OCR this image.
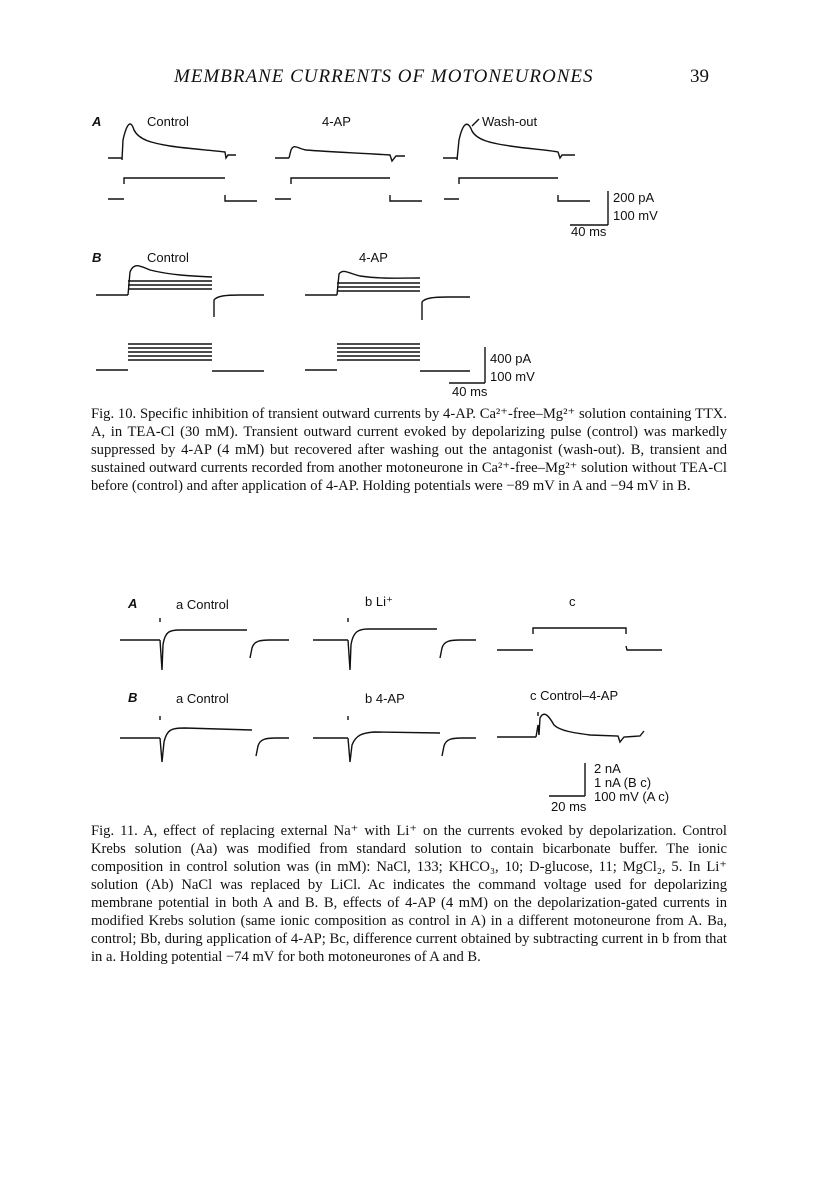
MEMBRANE CURRENTS OF MOTONEURONES	39
A	Control	4-AP	Wash-out
200 pA
100 mV
40 ms
B	Control	4-AP
400 pA
100 mV
40 ms
Fig. 10. Specific inhibition of transient outward currents by 4-AP. Ca²⁺-free–Mg²⁺ solution containing TTX. A, in TEA-Cl (30 mM). Transient outward current evoked by depolarizing pulse (control) was markedly suppressed by 4-AP (4 mM) but recovered after washing out the antagonist (wash-out). B, transient and sustained outward currents recorded from another motoneurone in Ca²⁺-free–Mg²⁺ solution without TEA-Cl before (control) and after application of 4-AP. Holding potentials were −89 mV in A and −94 mV in B.
A	a Control	b Li⁺	c
B	a Control	b 4-AP	c Control–4-AP
2 nA
1 nA (B c)
100 mV (A c)
20 ms
Fig. 11. A, effect of replacing external Na⁺ with Li⁺ on the currents evoked by depolarization. Control Krebs solution (Aa) was modified from standard solution to contain bicarbonate buffer. The ionic composition in control solution was (in mM): NaCl, 133; KHCO₃, 10; D-glucose, 11; MgCl₂, 5. In Li⁺ solution (Ab) NaCl was replaced by LiCl. Ac indicates the command voltage used for depolarizing membrane potential in both A and B. B, effects of 4-AP (4 mM) on the depolarization-gated currents in modified Krebs solution (same ionic composition as control in A) in a different motoneurone from A. Ba, control; Bb, during application of 4-AP; Bc, difference current obtained by subtracting current in b from that in a. Holding potential −74 mV for both motoneurones of A and B.
